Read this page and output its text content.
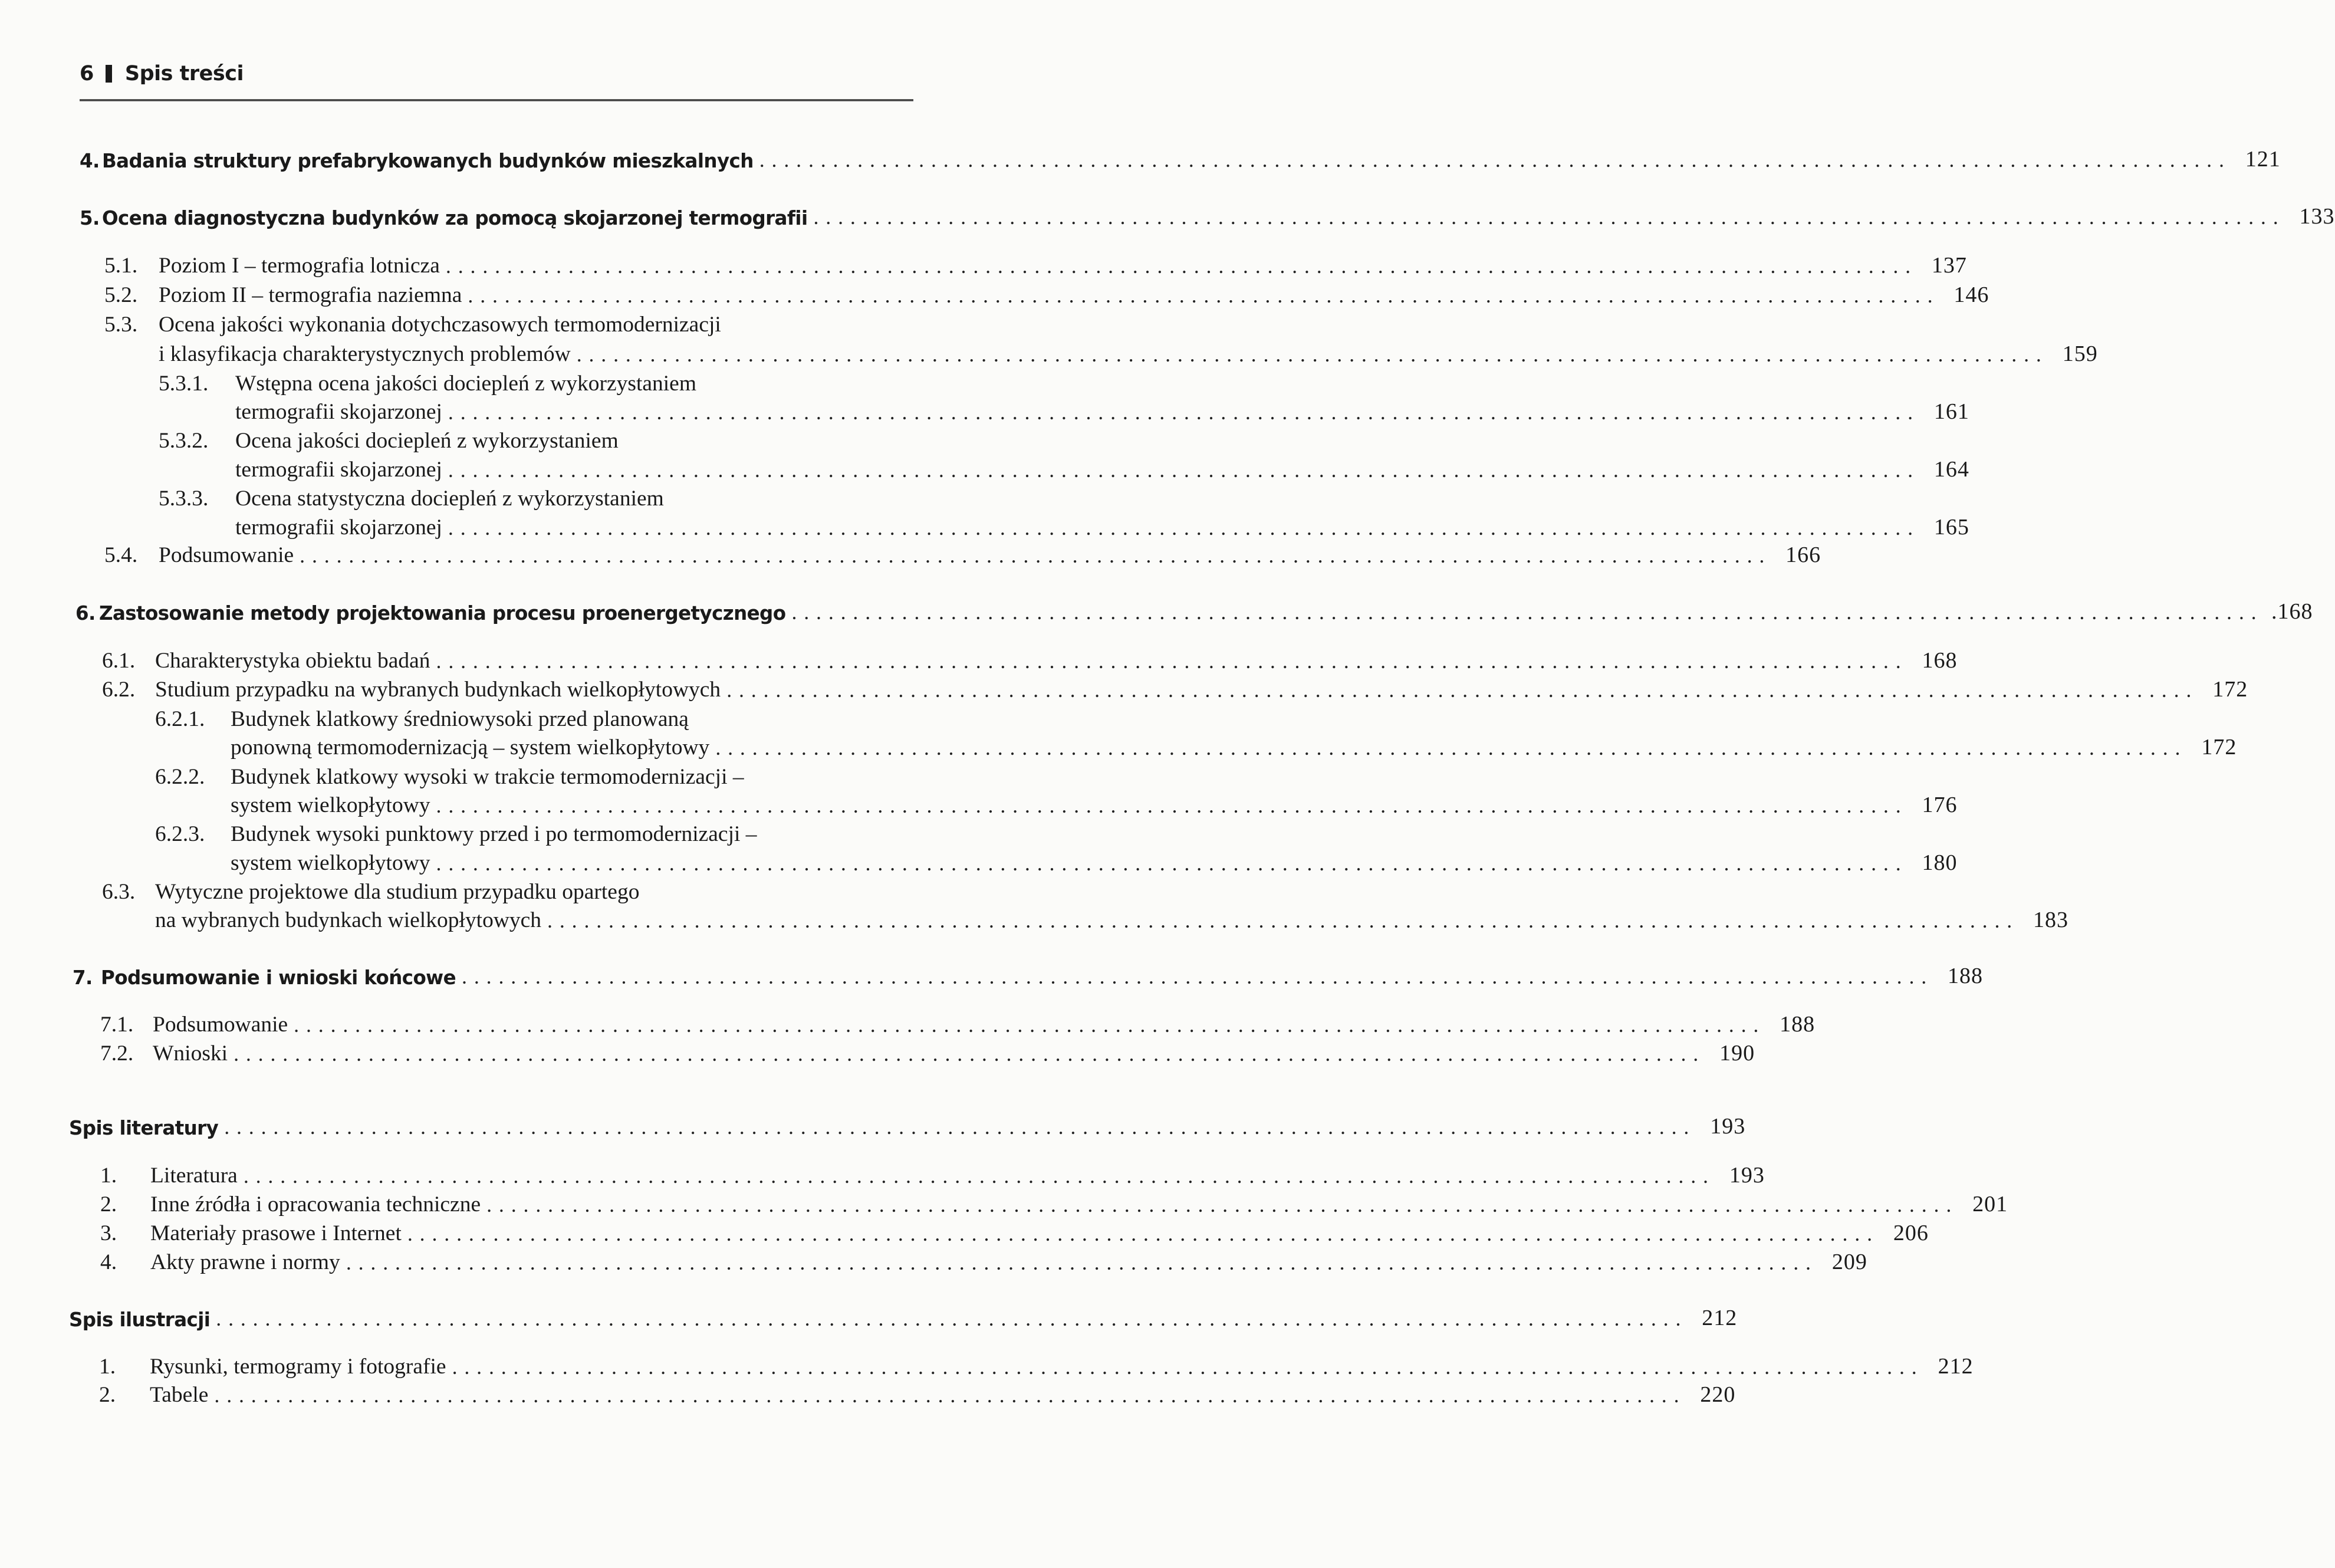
6 Spis treści
4. Badania struktury prefabrykowanych budynków mieszkalnych ........................................................................................................................ 121
5. Ocena diagnostyczna budynków za pomocą skojarzonej termografii ........................................................................................................................ 133
5.1. Poziom I – termografia lotnicza ........................................................................................................................ 137
5.2. Poziom II – termografia naziemna ........................................................................................................................ 146
5.3. Ocena jakości wykonania dotychczasowych termomodernizacji
i klasyfikacja charakterystycznych problemów ........................................................................................................................ 159
5.3.1.	Wstępna ocena jakości dociepleń z wykorzystaniem
termografii skojarzonej ........................................................................................................................ 161
5.3.2.	Ocena jakości dociepleń z wykorzystaniem
termografii skojarzonej ........................................................................................................................ 164
5.3.3.	Ocena statystyczna dociepleń z wykorzystaniem
termografii skojarzonej ........................................................................................................................ 165
5.4. Podsumowanie ........................................................................................................................ 166
6. Zastosowanie metody projektowania procesu proenergetycznego ........................................................................................................................ .168
6.1. Charakterystyka obiektu badań ........................................................................................................................ 168
6.2. Studium przypadku na wybranych budynkach wielkopłytowych ........................................................................................................................ 172
6.2.1.	Budynek klatkowy średniowysoki przed planowaną
ponowną termomodernizacją – system wielkopłytowy ........................................................................................................................ 172
6.2.2.	Budynek klatkowy wysoki w trakcie termomodernizacji –
system wielkopłytowy ........................................................................................................................ 176
6.2.3.	Budynek wysoki punktowy przed i po termomodernizacji –
system wielkopłytowy ........................................................................................................................ 180
6.3. Wytyczne projektowe dla studium przypadku opartego
na wybranych budynkach wielkopłytowych ........................................................................................................................ 183
7. Podsumowanie i wnioski końcowe ........................................................................................................................ 188
7.1. Podsumowanie ........................................................................................................................ 188
7.2. Wnioski ........................................................................................................................ 190
Spis literatury ........................................................................................................................ 193
1.	Literatura ........................................................................................................................ 193
2.	Inne źródła i opracowania techniczne ........................................................................................................................ 201
3.	Materiały prasowe i Internet ........................................................................................................................ 206
4.	Akty prawne i normy ........................................................................................................................ 209
Spis ilustracji ........................................................................................................................ 212
1.	Rysunki, termogramy i fotografie ........................................................................................................................ 212
2.	Tabele ........................................................................................................................ 220
